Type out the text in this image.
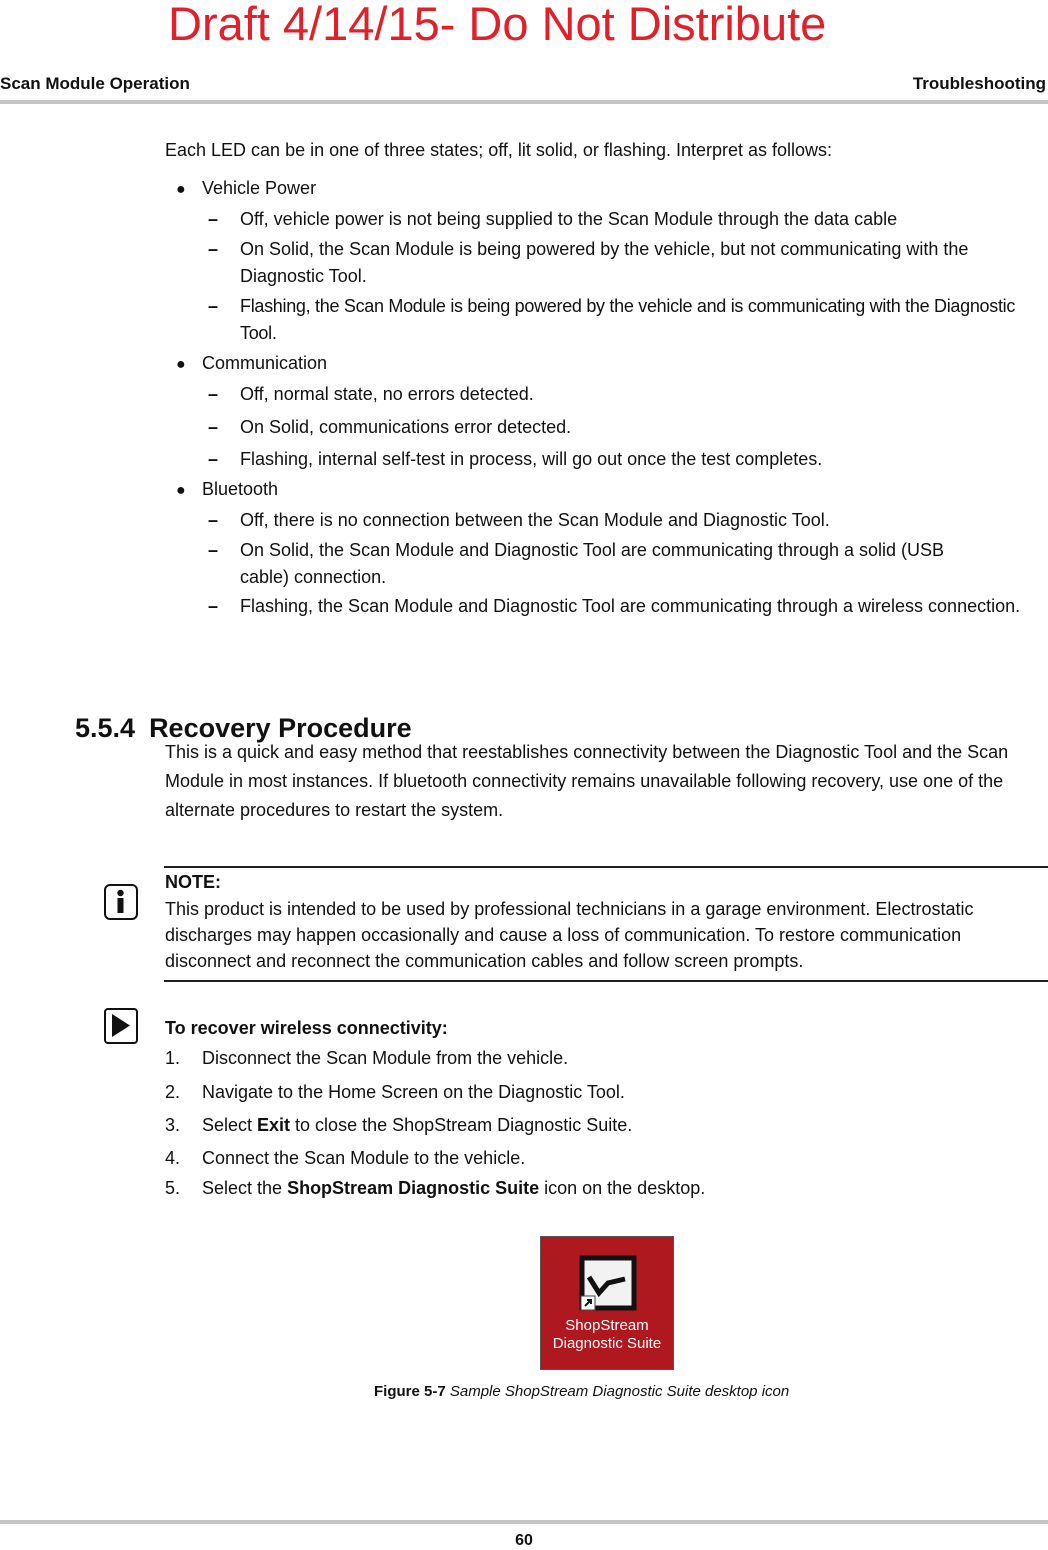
Draft 4/14/15- Do Not Distribute
Scan Module Operation	Troubleshooting
Each LED can be in one of three states; off, lit solid, or flashing. Interpret as follows:
● Vehicle Power
– Off, vehicle power is not being supplied to the Scan Module through the data cable
– On Solid, the Scan Module is being powered by the vehicle, but not communicating with the Diagnostic Tool.
– Flashing, the Scan Module is being powered by the vehicle and is communicating with the Diagnostic Tool.
● Communication
– Off, normal state, no errors detected.
– On Solid, communications error detected.
– Flashing, internal self-test in process, will go out once the test completes.
● Bluetooth
– Off, there is no connection between the Scan Module and Diagnostic Tool.
– On Solid, the Scan Module and Diagnostic Tool are communicating through a solid (USB cable) connection.
– Flashing, the Scan Module and Diagnostic Tool are communicating through a wireless connection.
5.5.4 Recovery Procedure
This is a quick and easy method that reestablishes connectivity between the Diagnostic Tool and the Scan Module in most instances. If bluetooth connectivity remains unavailable following recovery, use one of the alternate procedures to restart the system.
NOTE:
This product is intended to be used by professional technicians in a garage environment. Electrostatic discharges may happen occasionally and cause a loss of communication. To restore communication disconnect and reconnect the communication cables and follow screen prompts.
To recover wireless connectivity:
1. Disconnect the Scan Module from the vehicle.
2. Navigate to the Home Screen on the Diagnostic Tool.
3. Select Exit to close the ShopStream Diagnostic Suite.
4. Connect the Scan Module to the vehicle.
5. Select the ShopStream Diagnostic Suite icon on the desktop.
ShopStream
Diagnostic Suite
Figure 5-7 Sample ShopStream Diagnostic Suite desktop icon
60
